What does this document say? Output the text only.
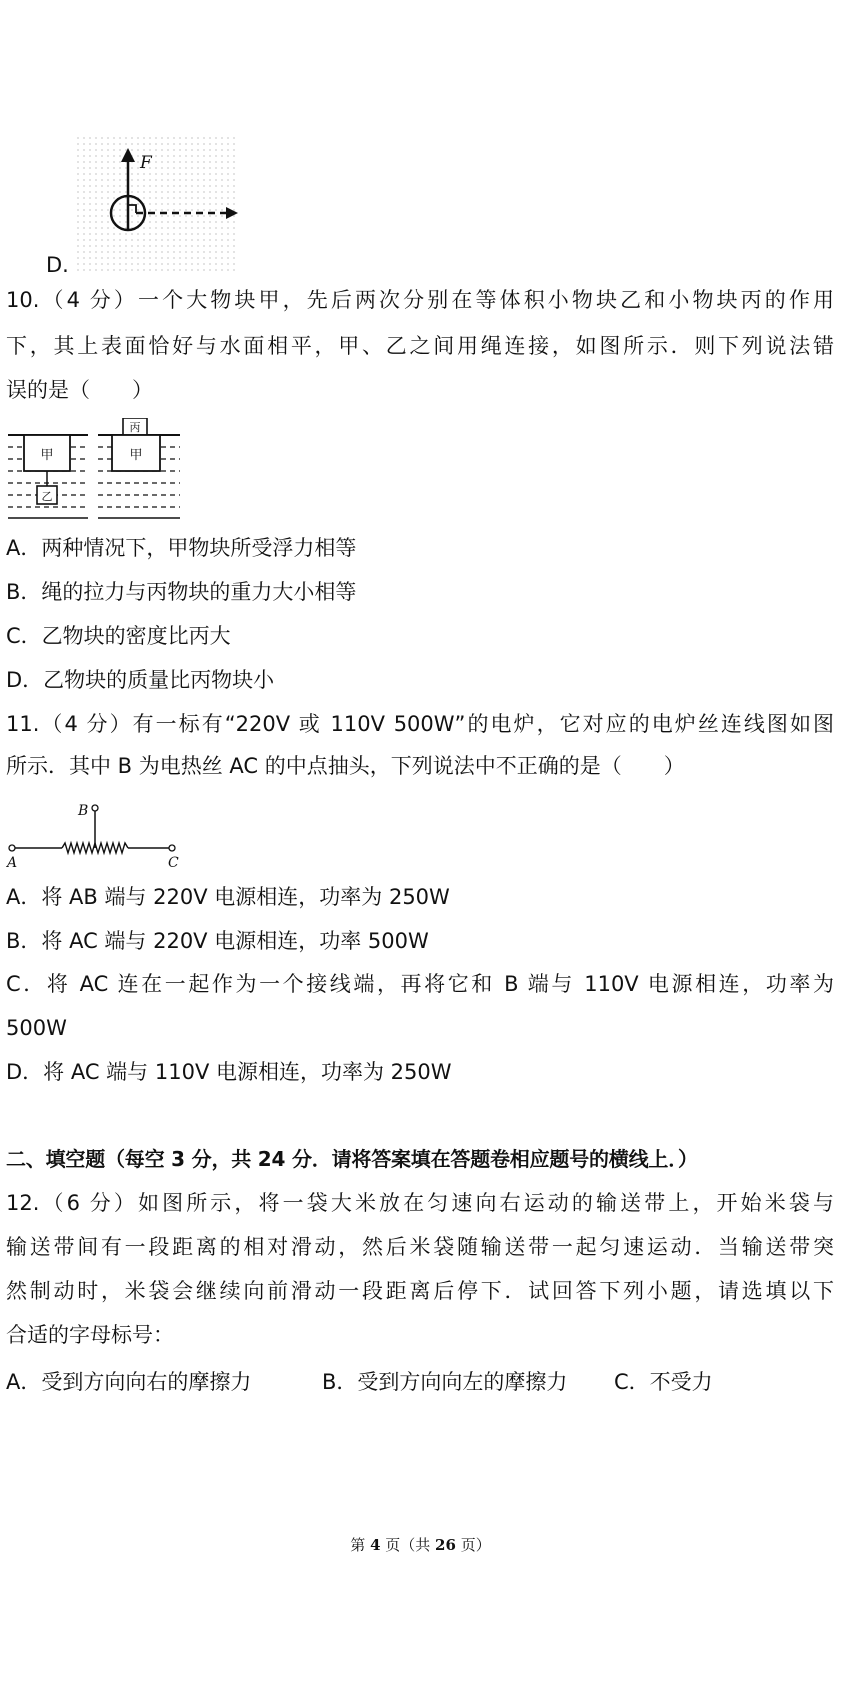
F
D.
10.（4 分）一个大物块甲，先后两次分别在等体积小物块乙和小物块丙的作用
下，其上表面恰好与水面相平，甲、乙之间用绳连接，如图所示．则下列说法错
误的是（　　）
甲
乙
丙
甲
A．两种情况下，甲物块所受浮力相等
B．绳的拉力与丙物块的重力大小相等
C．乙物块的密度比丙大
D．乙物块的质量比丙物块小
11.（4 分）有一标有“220V 或 110V 500W”的电炉，它对应的电炉丝连线图如图
所示．其中 B 为电热丝 AC 的中点抽头，下列说法中不正确的是（　　）
A
B
C
A．将 AB 端与 220V 电源相连，功率为 250W
B．将 AC 端与 220V 电源相连，功率 500W
C．将 AC 连在一起作为一个接线端，再将它和 B 端与 110V 电源相连，功率为
500W
D．将 AC 端与 110V 电源相连，功率为 250W
二、填空题（每空 3 分，共 24 分．请将答案填在答题卷相应题号的横线上．）
12.（6 分）如图所示，将一袋大米放在匀速向右运动的输送带上，开始米袋与
输送带间有一段距离的相对滑动，然后米袋随输送带一起匀速运动．当输送带突
然制动时，米袋会继续向前滑动一段距离后停下．试回答下列小题，请选填以下
合适的字母标号：
A．受到方向向右的摩擦力	B．受到方向向左的摩擦力 C．不受力
第 4 页（共 26 页）
